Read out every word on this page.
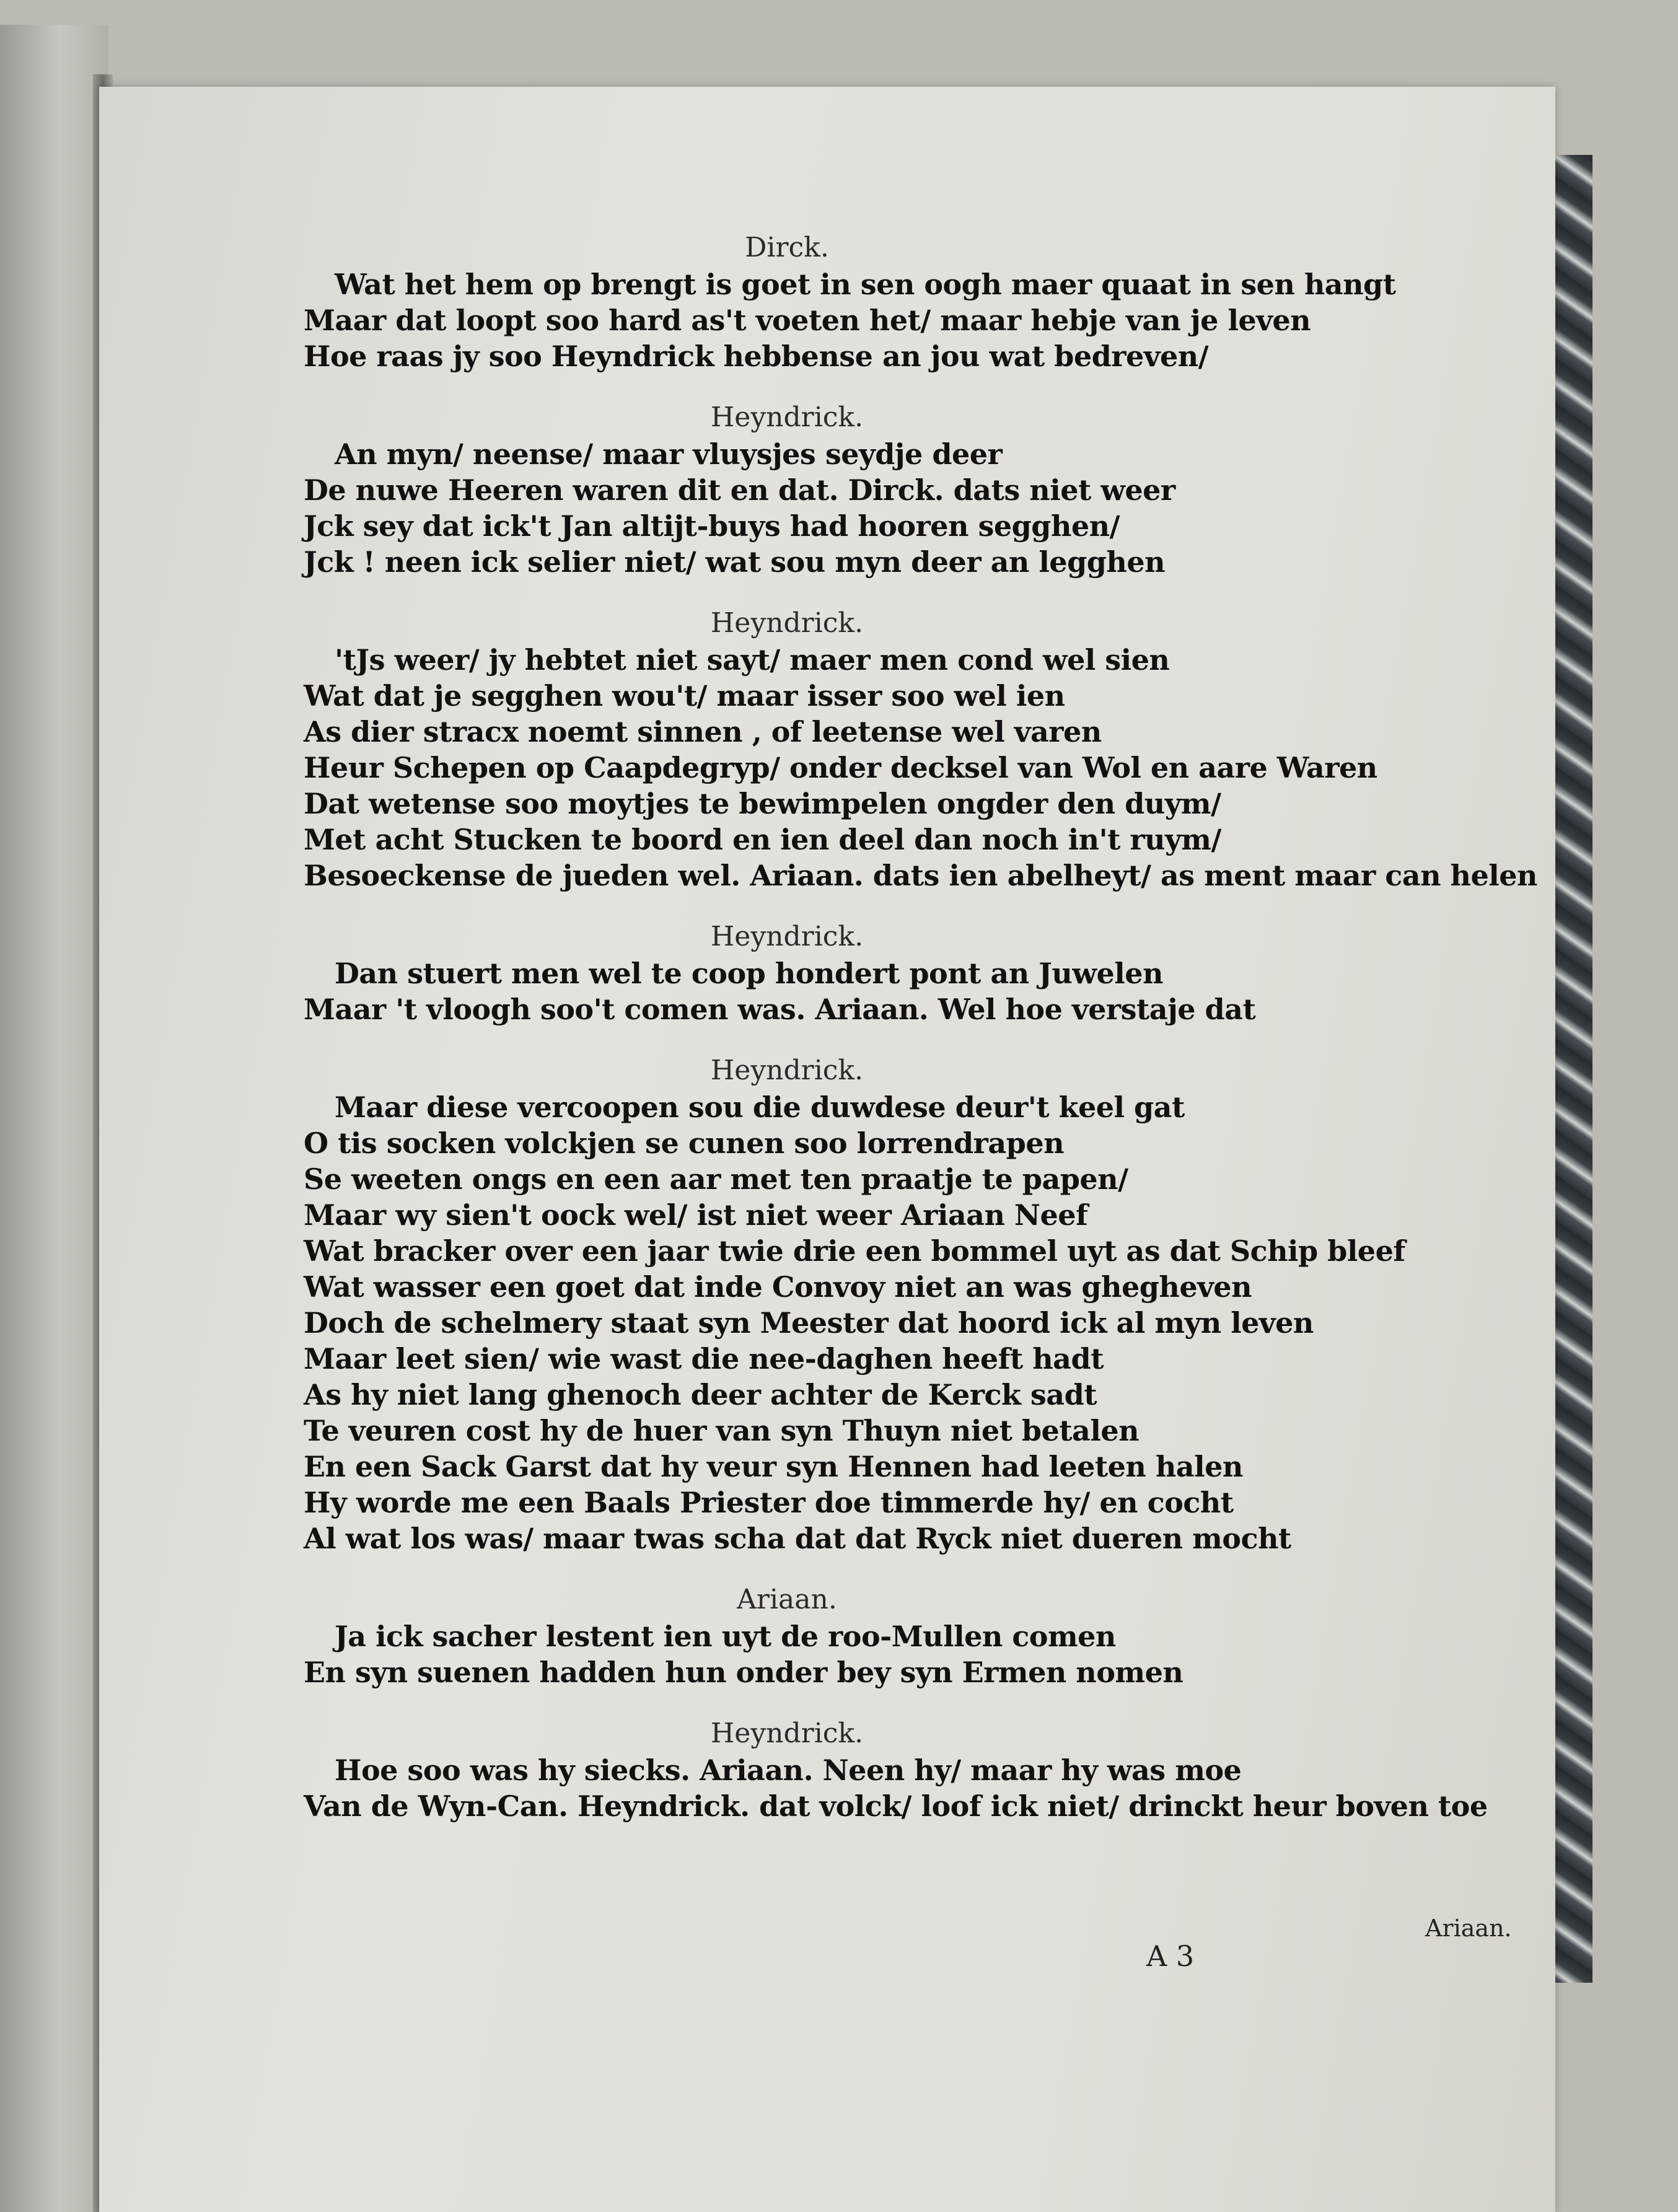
Dirck.

Wat het hem op brengt is goet in sen oogh maer quaat in sen hangt

Maar dat loopt soo hard as't voeten het/ maar hebje van je leven

Hoe raas jy soo Heyndrick hebbense an jou wat bedreven/

Heyndrick.

An myn/ neense/ maar vluysjes seydje deer

De nuwe Heeren waren dit en dat. Dirck. dats niet weer

Jck sey dat ick't Jan altijt-buys had hooren segghen/

Jck ! neen ick selier niet/ wat sou myn deer an legghen

Heyndrick.

'tJs weer/ jy hebtet niet sayt/ maer men cond wel sien

Wat dat je segghen wou't/ maar isser soo wel ien

As dier stracx noemt sinnen , of leetense wel varen

Heur Schepen op Caapdegryp/ onder decksel van Wol en aare Waren

Dat wetense soo moytjes te bewimpelen ongder den duym/

Met acht Stucken te boord en ien deel dan noch in't ruym/

Besoeckense de jueden wel. Ariaan. dats ien abelheyt/ as ment maar can helen

Heyndrick.

Dan stuert men wel te coop hondert pont an Juwelen

Maar 't vloogh soo't comen was. Ariaan. Wel hoe verstaje dat

Heyndrick.

Maar diese vercoopen sou die duwdese deur't keel gat

O tis socken volckjen se cunen soo lorrendrapen

Se weeten ongs en een aar met ten praatje te papen/

Maar wy sien't oock wel/ ist niet weer Ariaan Neef

Wat bracker over een jaar twie drie een bommel uyt as dat Schip bleef

Wat wasser een goet dat inde Convoy niet an was ghegheven

Doch de schelmery staat syn Meester dat hoord ick al myn leven

Maar leet sien/ wie wast die nee-daghen heeft hadt

As hy niet lang ghenoch deer achter de Kerck sadt

Te veuren cost hy de huer van syn Thuyn niet betalen

En een Sack Garst dat hy veur syn Hennen had leeten halen

Hy worde me een Baals Priester doe timmerde hy/ en cocht

Al wat los was/ maar twas scha dat dat Ryck niet dueren mocht

Ariaan.

Ja ick sacher lestent ien uyt de roo-Mullen comen

En syn suenen hadden hun onder bey syn Ermen nomen

Heyndrick.

Hoe soo was hy siecks. Ariaan. Neen hy/ maar hy was moe

Van de Wyn-Can. Heyndrick. dat volck/ loof ick niet/ drinckt heur boven toe

A 3
Ariaan.
